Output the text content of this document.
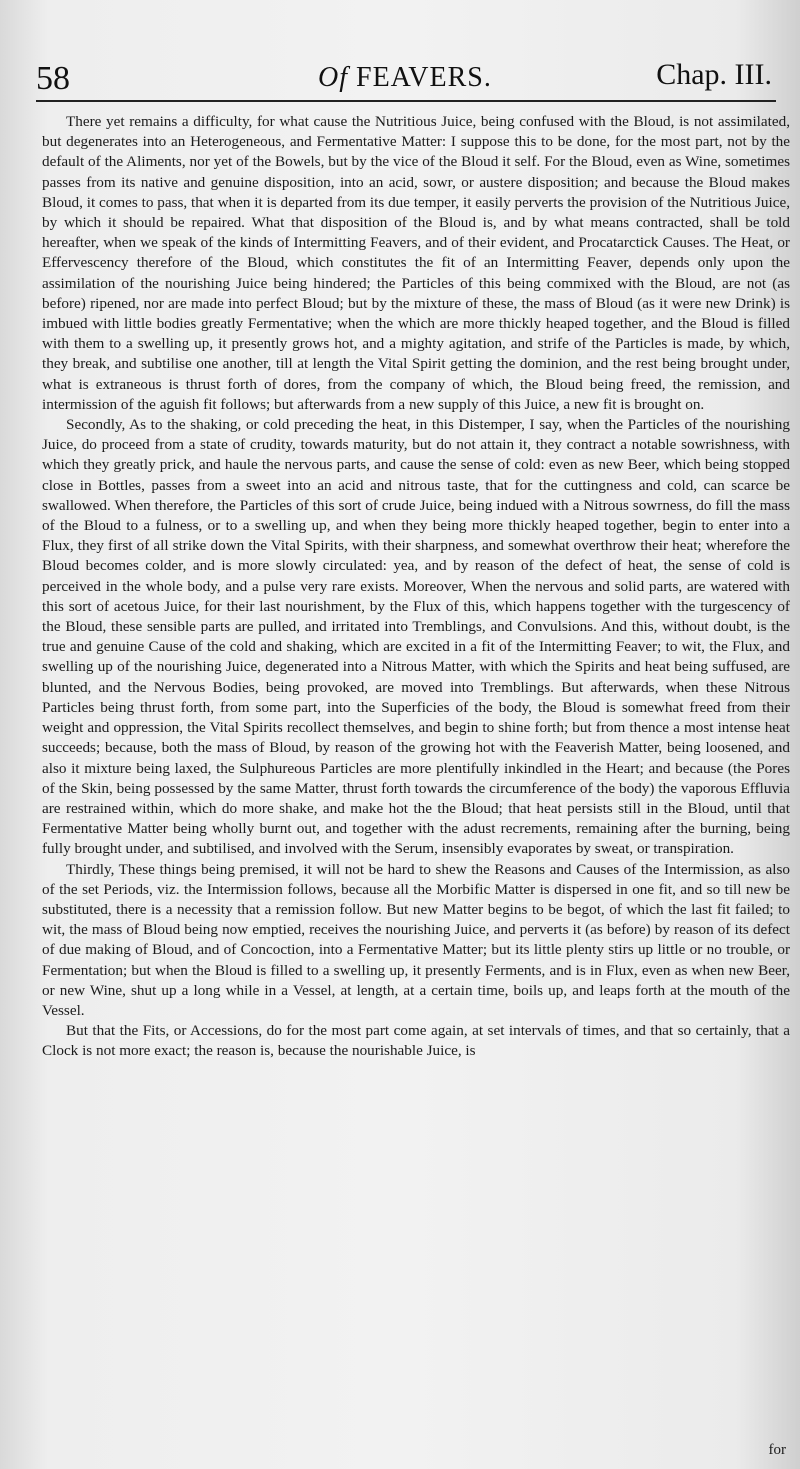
58	Of FEAVERS.	Chap. III.

There yet remains a difficulty, for what cause the Nutritious Juice, being confused with the Bloud, is not assimilated, but degenerates into an Heterogeneous, and Fermentative Matter: I suppose this to be done, for the most part, not by the default of the Aliments, nor yet of the Bowels, but by the vice of the Bloud it self. For the Bloud, even as Wine, sometimes passes from its native and genuine disposition, into an acid, sowr, or austere disposition; and because the Bloud makes Bloud, it comes to pass, that when it is departed from its due temper, it easily perverts the provision of the Nutritious Juice, by which it should be repaired. What that disposition of the Bloud is, and by what means contracted, shall be told hereafter, when we speak of the kinds of Intermitting Feavers, and of their evident, and Procatarctick Causes. The Heat, or Effervescency therefore of the Bloud, which constitutes the fit of an Intermitting Feaver, depends only upon the assimilation of the nourishing Juice being hindered; the Particles of this being commixed with the Bloud, are not (as before) ripened, nor are made into perfect Bloud; but by the mixture of these, the mass of Bloud (as it were new Drink) is imbued with little bodies greatly Fermentative; when the which are more thickly heaped together, and the Bloud is filled with them to a swelling up, it presently grows hot, and a mighty agitation, and strife of the Particles is made, by which, they break, and subtilise one another, till at length the Vital Spirit getting the dominion, and the rest being brought under, what is extraneous is thrust forth of dores, from the company of which, the Bloud being freed, the remission, and intermission of the aguish fit follows; but afterwards from a new supply of this Juice, a new fit is brought on.

Secondly, As to the shaking, or cold preceding the heat, in this Distemper, I say, when the Particles of the nourishing Juice, do proceed from a state of crudity, towards maturity, but do not attain it, they contract a notable sowrishness, with which they greatly prick, and haule the nervous parts, and cause the sense of cold: even as new Beer, which being stopped close in Bottles, passes from a sweet into an acid and nitrous taste, that for the cuttingness and cold, can scarce be swallowed. When therefore, the Particles of this sort of crude Juice, being indued with a Nitrous sowrness, do fill the mass of the Bloud to a fulness, or to a swelling up, and when they being more thickly heaped together, begin to enter into a Flux, they first of all strike down the Vital Spirits, with their sharpness, and somewhat overthrow their heat; wherefore the Bloud becomes colder, and is more slowly circulated: yea, and by reason of the defect of heat, the sense of cold is perceived in the whole body, and a pulse very rare exists. Moreover, When the nervous and solid parts, are watered with this sort of acetous Juice, for their last nourishment, by the Flux of this, which happens together with the turgescency of the Bloud, these sensible parts are pulled, and irritated into Tremblings, and Convulsions. And this, without doubt, is the true and genuine Cause of the cold and shaking, which are excited in a fit of the Intermitting Feaver; to wit, the Flux, and swelling up of the nourishing Juice, degenerated into a Nitrous Matter, with which the Spirits and heat being suffused, are blunted, and the Nervous Bodies, being provoked, are moved into Tremblings. But afterwards, when these Nitrous Particles being thrust forth, from some part, into the Superficies of the body, the Bloud is somewhat freed from their weight and oppression, the Vital Spirits recollect themselves, and begin to shine forth; but from thence a most intense heat succeeds; because, both the mass of Bloud, by reason of the growing hot with the Feaverish Matter, being loosened, and also it mixture being laxed, the Sulphureous Particles are more plentifully inkindled in the Heart; and because (the Pores of the Skin, being possessed by the same Matter, thrust forth towards the circumference of the body) the vaporous Effluvia are restrained within, which do more shake, and make hot the the Bloud; that heat persists still in the Bloud, until that Fermentative Matter being wholly burnt out, and together with the adust recrements, remaining after the burning, being fully brought under, and subtilised, and involved with the Serum, insensibly evaporates by sweat, or transpiration.

Thirdly, These things being premised, it will not be hard to shew the Reasons and Causes of the Intermission, as also of the set Periods, viz. the Intermission follows, because all the Morbific Matter is dispersed in one fit, and so till new be substituted, there is a necessity that a remission follow. But new Matter begins to be begot, of which the last fit failed; to wit, the mass of Bloud being now emptied, receives the nourishing Juice, and perverts it (as before) by reason of its defect of due making of Bloud, and of Concoction, into a Fermentative Matter; but its little plenty stirs up little or no trouble, or Fermentation; but when the Bloud is filled to a swelling up, it presently Ferments, and is in Flux, even as when new Beer, or new Wine, shut up a long while in a Vessel, at length, at a certain time, boils up, and leaps forth at the mouth of the Vessel.

But that the Fits, or Accessions, do for the most part come again, at set intervals of times, and that so certainly, that a Clock is not more exact; the reason is, because the nourishable Juice, is

for
